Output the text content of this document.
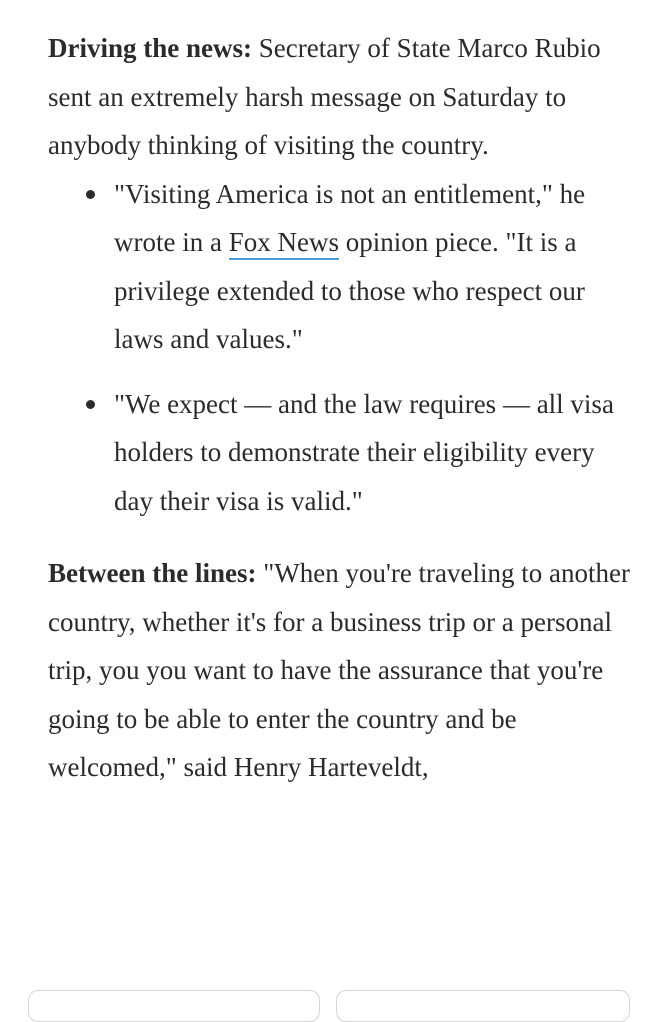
Driving the news: Secretary of State Marco Rubio sent an extremely harsh message on Saturday to anybody thinking of visiting the country.

"Visiting America is not an entitlement," he wrote in a Fox News opinion piece. "It is a privilege extended to those who respect our laws and values."
"We expect — and the law requires — all visa holders to demonstrate their eligibility every day their visa is valid."

Between the lines: "When you're traveling to another country, whether it's for a business trip or a personal trip, you you want to have the assurance that you're going to be able to enter the country and be welcomed," said Henry Harteveldt,
